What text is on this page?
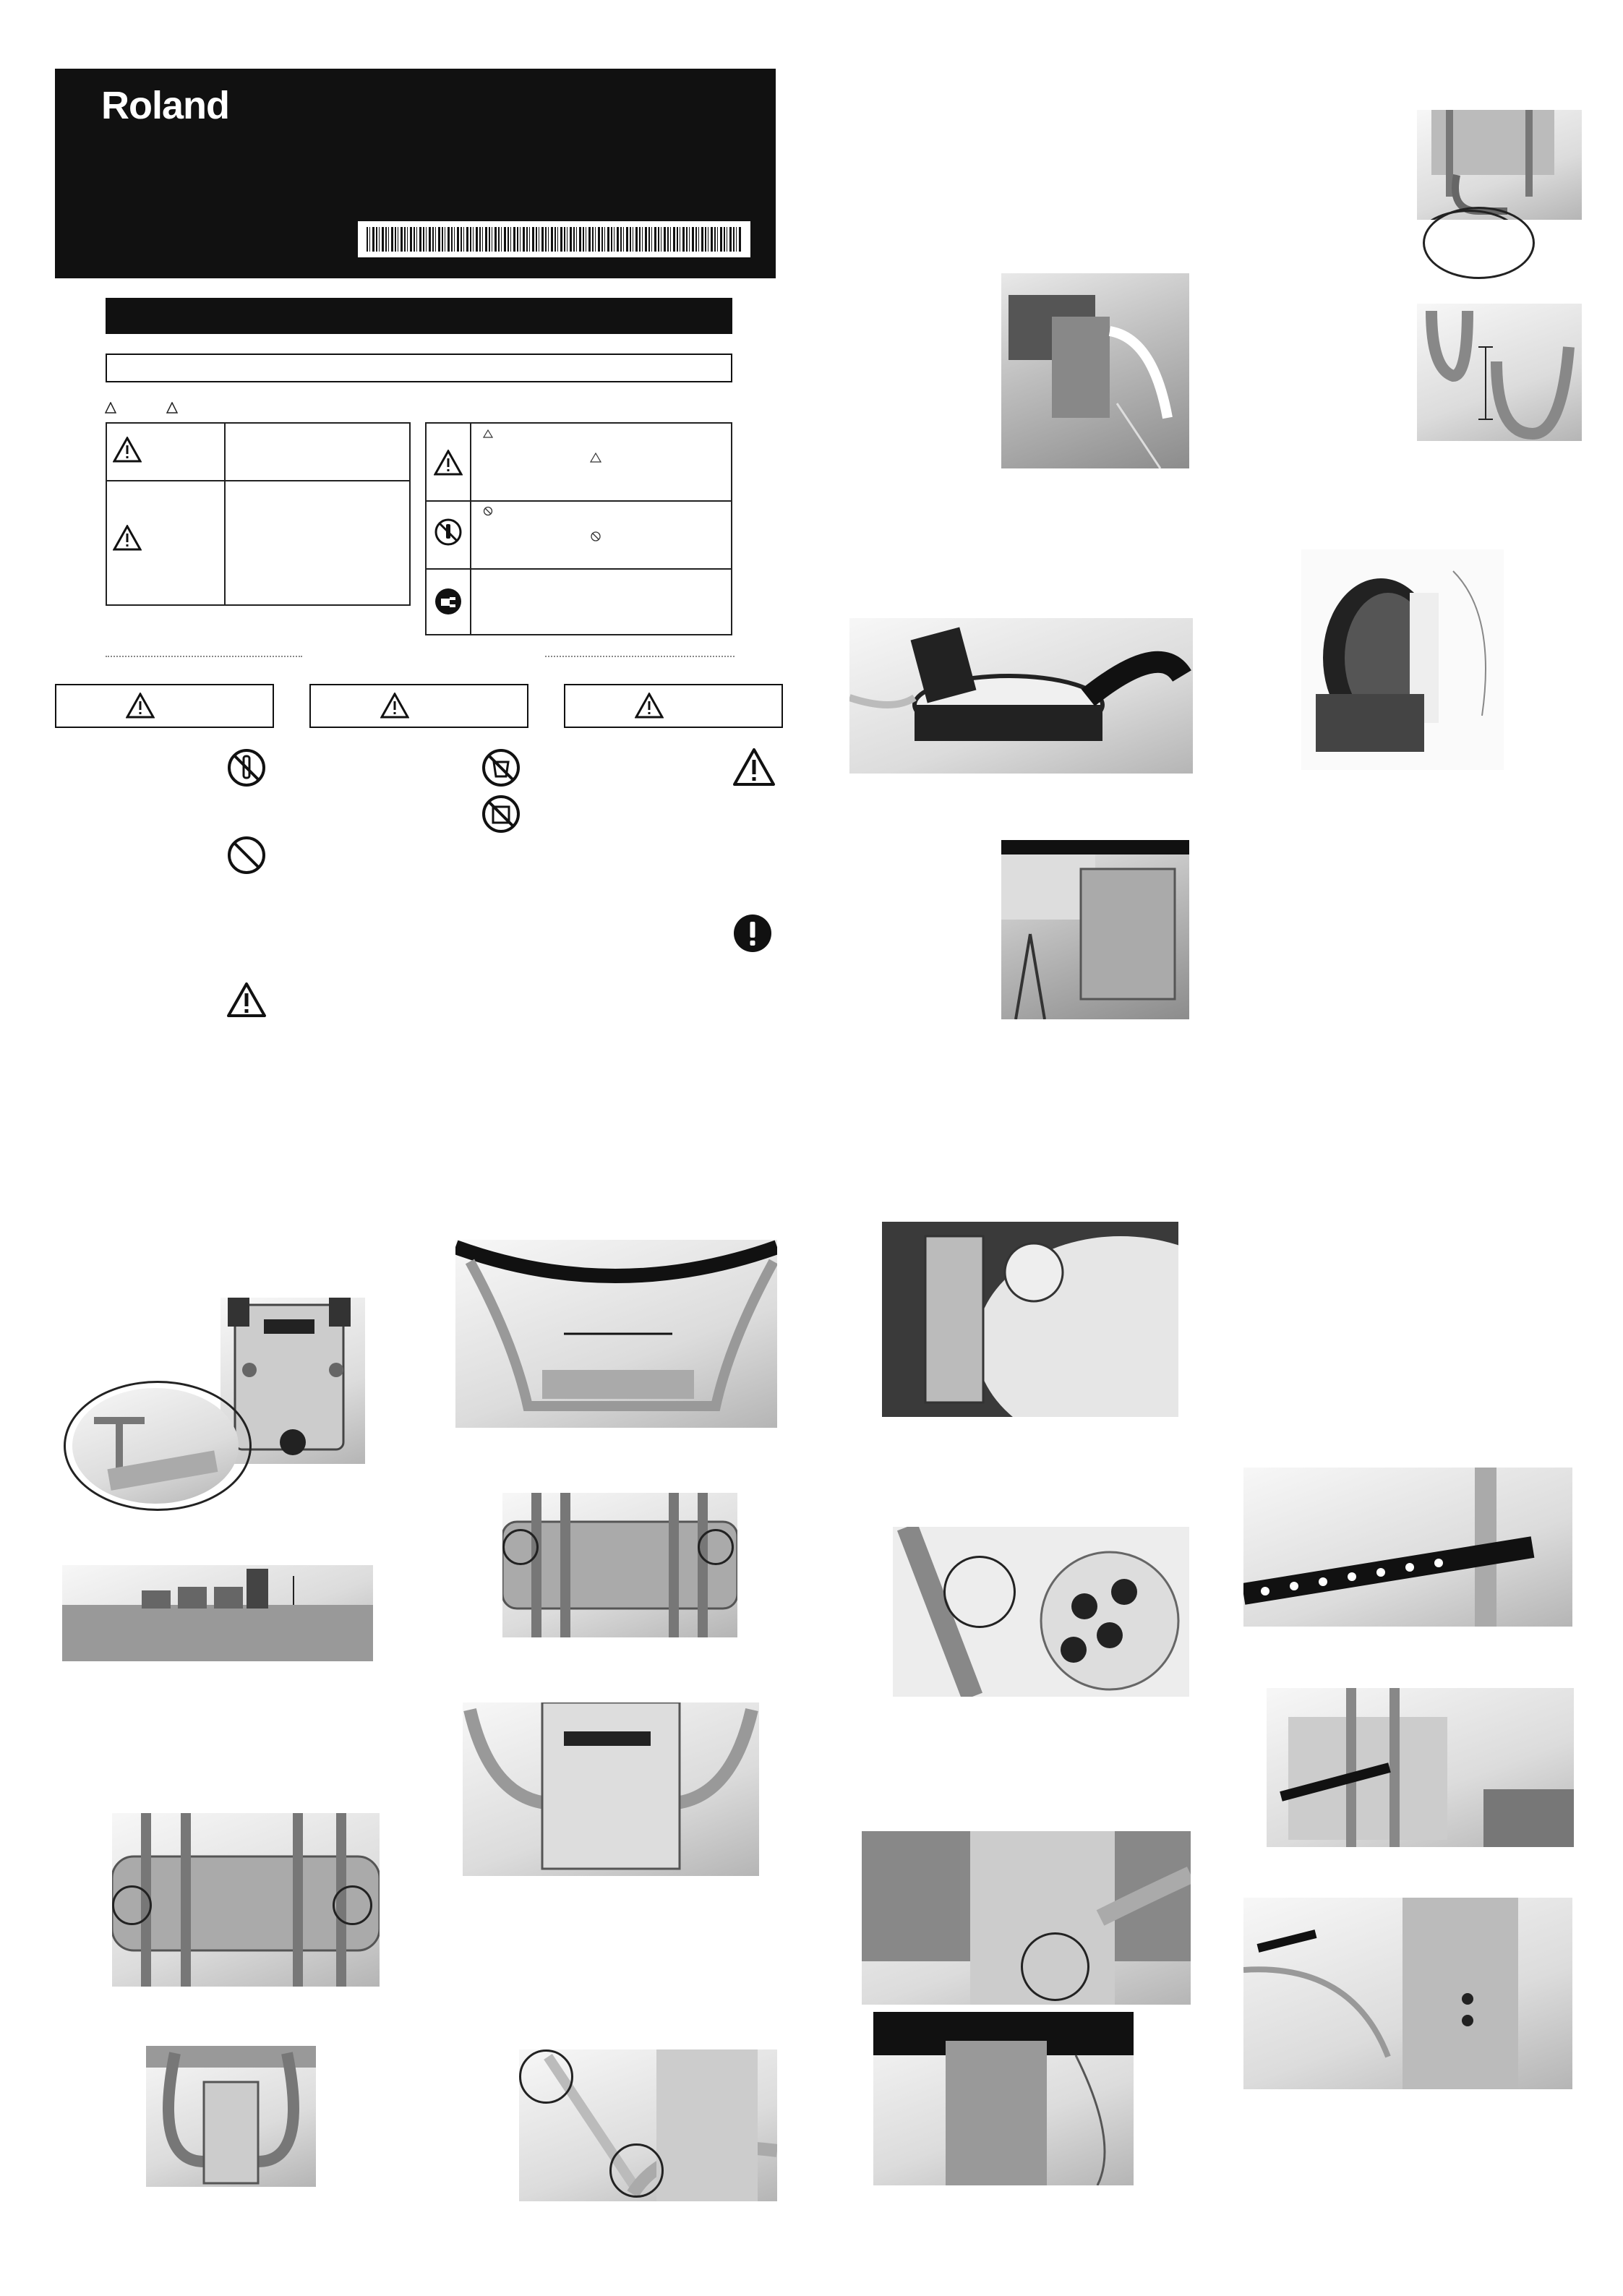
Roland
